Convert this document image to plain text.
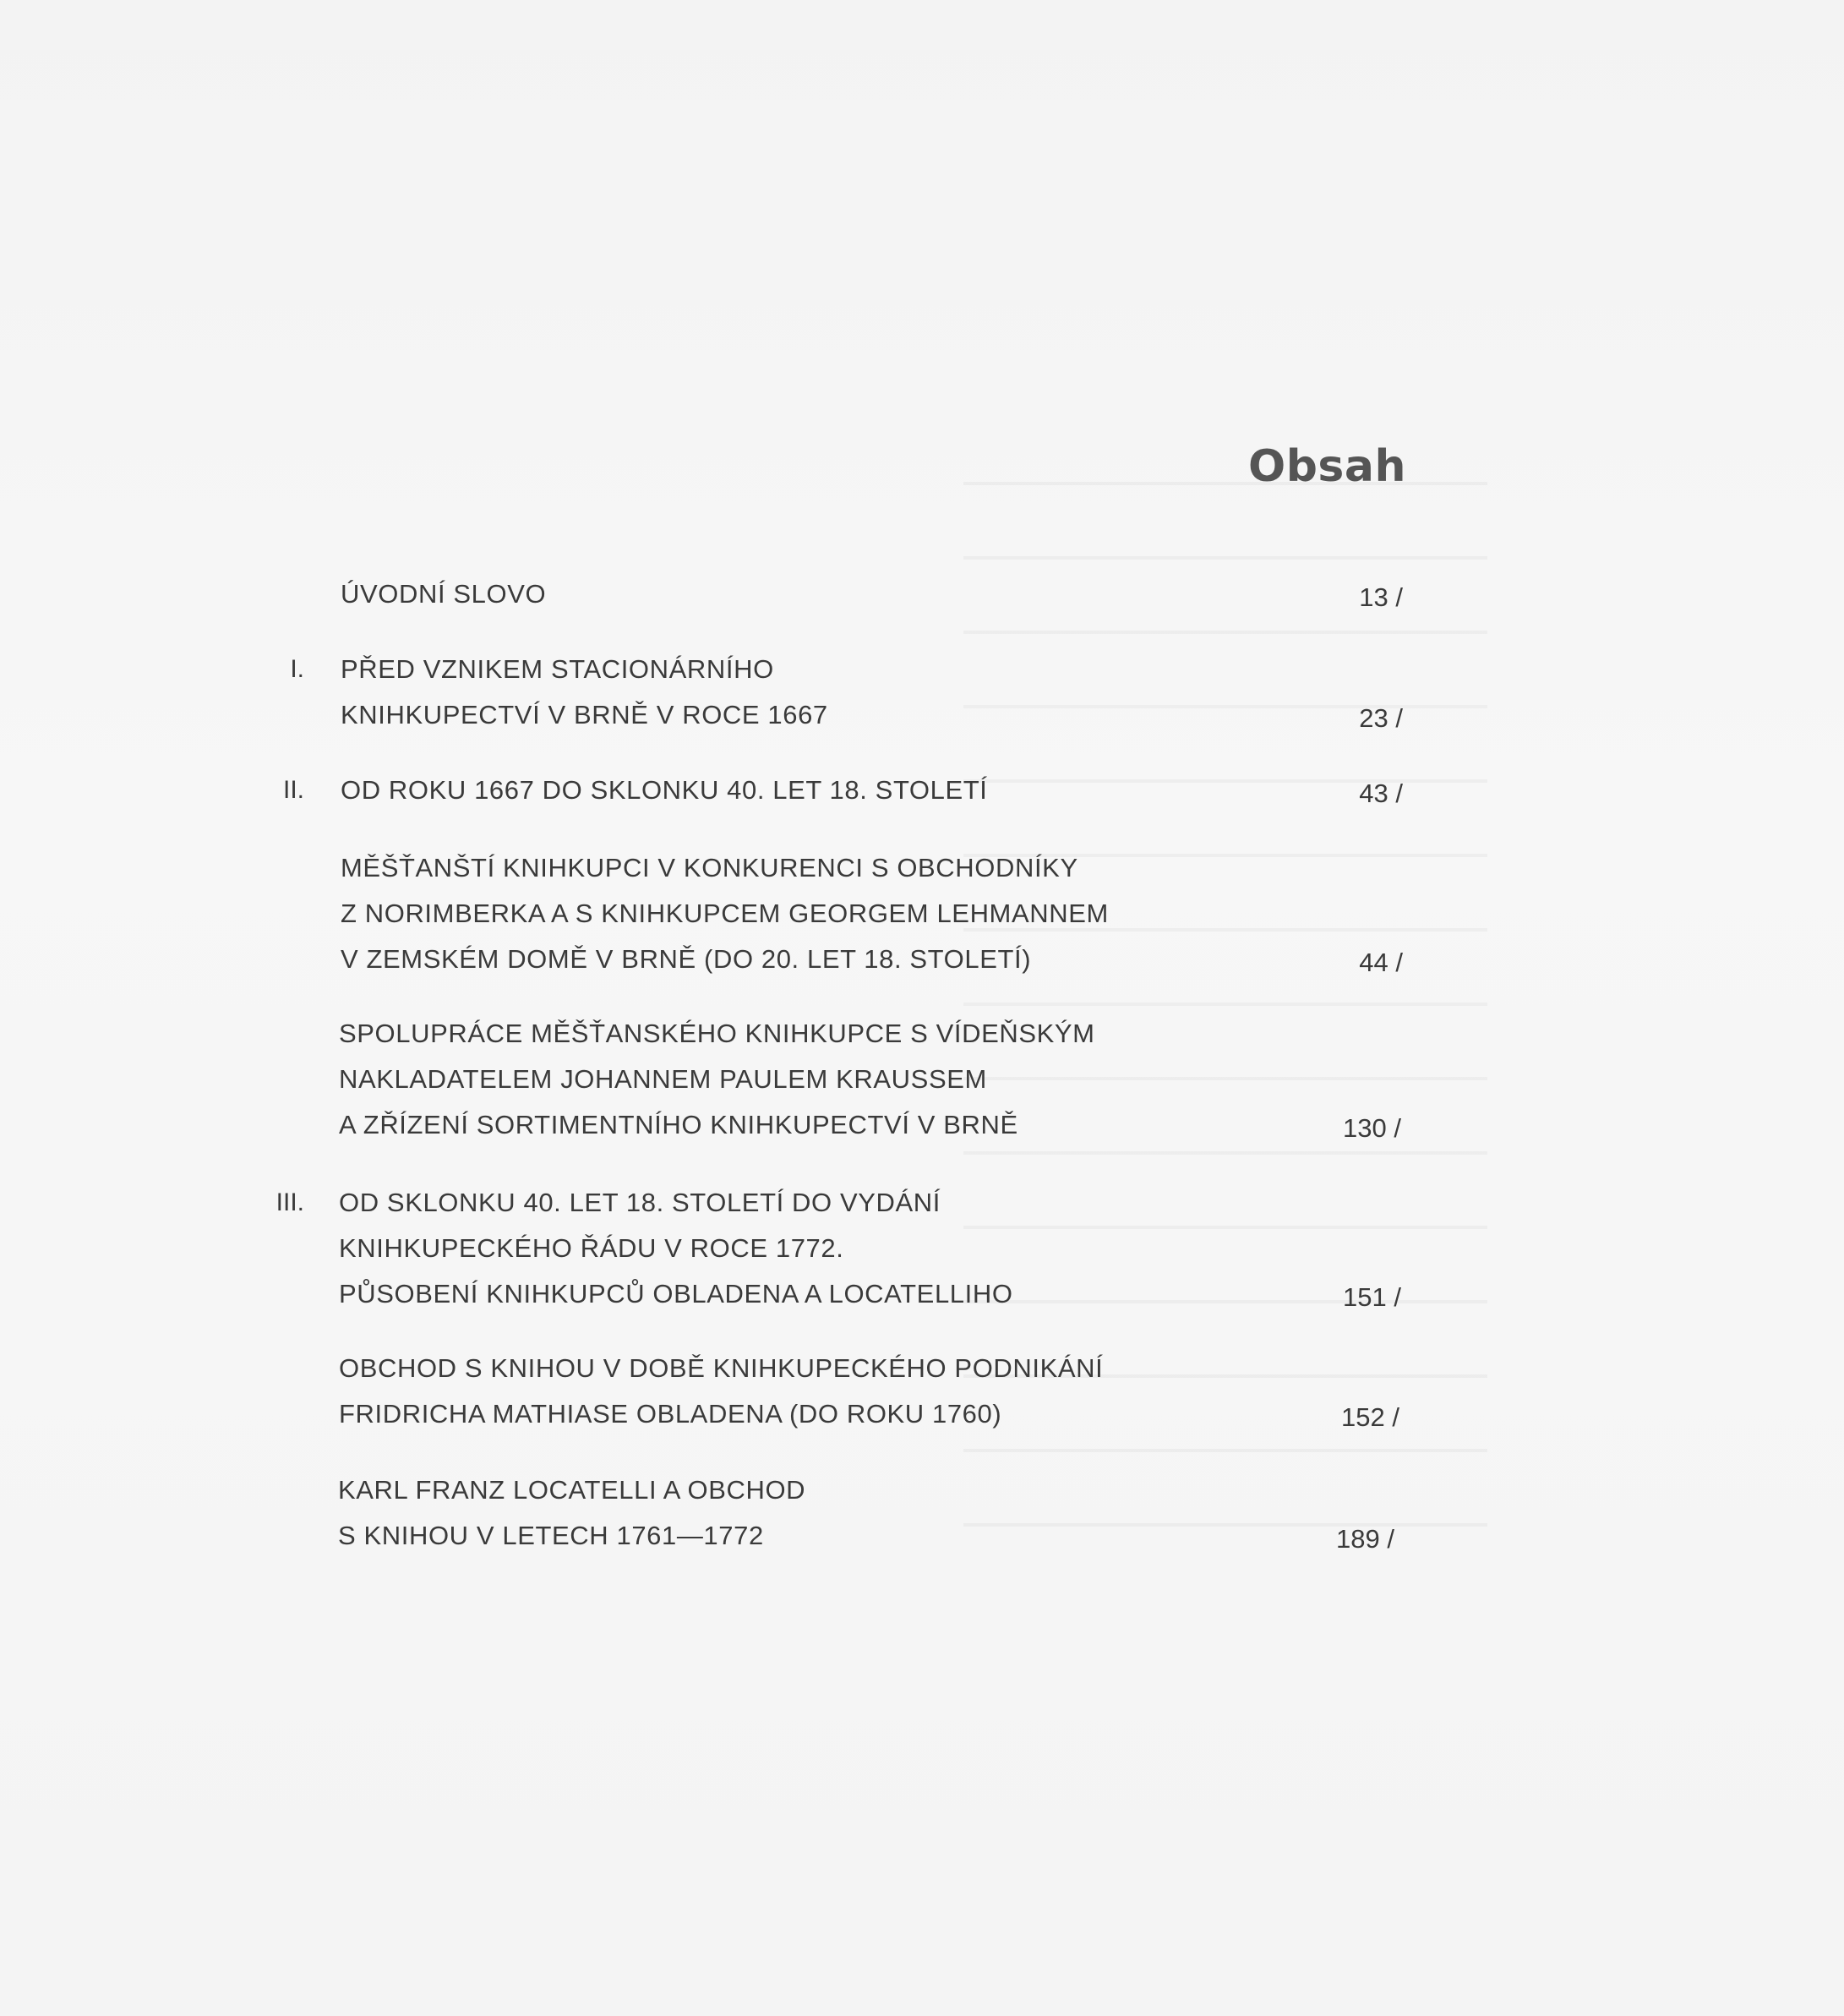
Obsah
ÚVODNÍ SLOVO	13 /
I. PŘED VZNIKEM STACIONÁRNÍHO
KNIHKUPECTVÍ V BRNĚ V ROCE 1667	23 /
II. OD ROKU 1667 DO SKLONKU 40. LET 18. STOLETÍ	43 /
MĚŠŤANŠTÍ KNIHKUPCI V KONKURENCI S OBCHODNÍKY
Z NORIMBERKA A S KNIHKUPCEM GEORGEM LEHMANNEM
V ZEMSKÉM DOMĚ V BRNĚ (DO 20. LET 18. STOLETÍ)	44 /
SPOLUPRÁCE MĚŠŤANSKÉHO KNIHKUPCE S VÍDEŇSKÝM
NAKLADATELEM JOHANNEM PAULEM KRAUSSEM
A ZŘÍZENÍ SORTIMENTNÍHO KNIHKUPECTVÍ V BRNĚ	130 /
III. OD SKLONKU 40. LET 18. STOLETÍ DO VYDÁNÍ
KNIHKUPECKÉHO ŘÁDU V ROCE 1772.
PŮSOBENÍ KNIHKUPCŮ OBLADENA A LOCATELLIHO	151 /
OBCHOD S KNIHOU V DOBĚ KNIHKUPECKÉHO PODNIKÁNÍ
FRIDRICHA MATHIASE OBLADENA (DO ROKU 1760)	152 /
KARL FRANZ LOCATELLI A OBCHOD
S KNIHOU V LETECH 1761—1772	189 /
